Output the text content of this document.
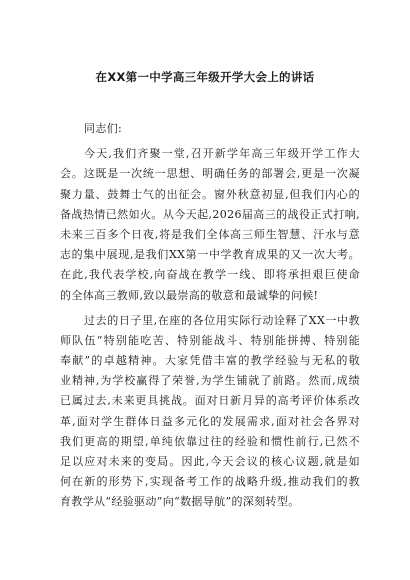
在XX第一中学高三年级开学大会上的讲话
同志们:
今天,我们齐聚一堂,召开新学年高三年级开学工作大
会。这既是一次统一思想、明确任务的部署会,更是一次凝
聚力量、鼓舞士气的出征会。窗外秋意初显,但我们内心的
备战热情已然如火。从今天起,2026届高三的战役正式打响,
未来三百多个日夜,将是我们全体高三师生智慧、汗水与意
志的集中展现,是我们XX第一中学教育成果的又一次大考。
在此,我代表学校,向奋战在教学一线、即将承担艰巨使命
的全体高三教师,致以最崇高的敬意和最诚挚的问候!
过去的日子里,在座的各位用实际行动诠释了XX一中教
师队伍“特别能吃苦、特别能战斗、特别能拼搏、特别能
奉献”的卓越精神。大家凭借丰富的教学经验与无私的敬
业精神,为学校赢得了荣誉,为学生铺就了前路。然而,成绩
已属过去,未来更具挑战。面对日新月异的高考评价体系改
革,面对学生群体日益多元化的发展需求,面对社会各界对
我们更高的期望,单纯依靠过往的经验和惯性前行,已然不
足以应对未来的变局。因此,今天会议的核心议题,就是如
何在新的形势下,实现备考工作的战略升级,推动我们的教
育教学从“经验驱动”向“数据导航”的深刻转型。
